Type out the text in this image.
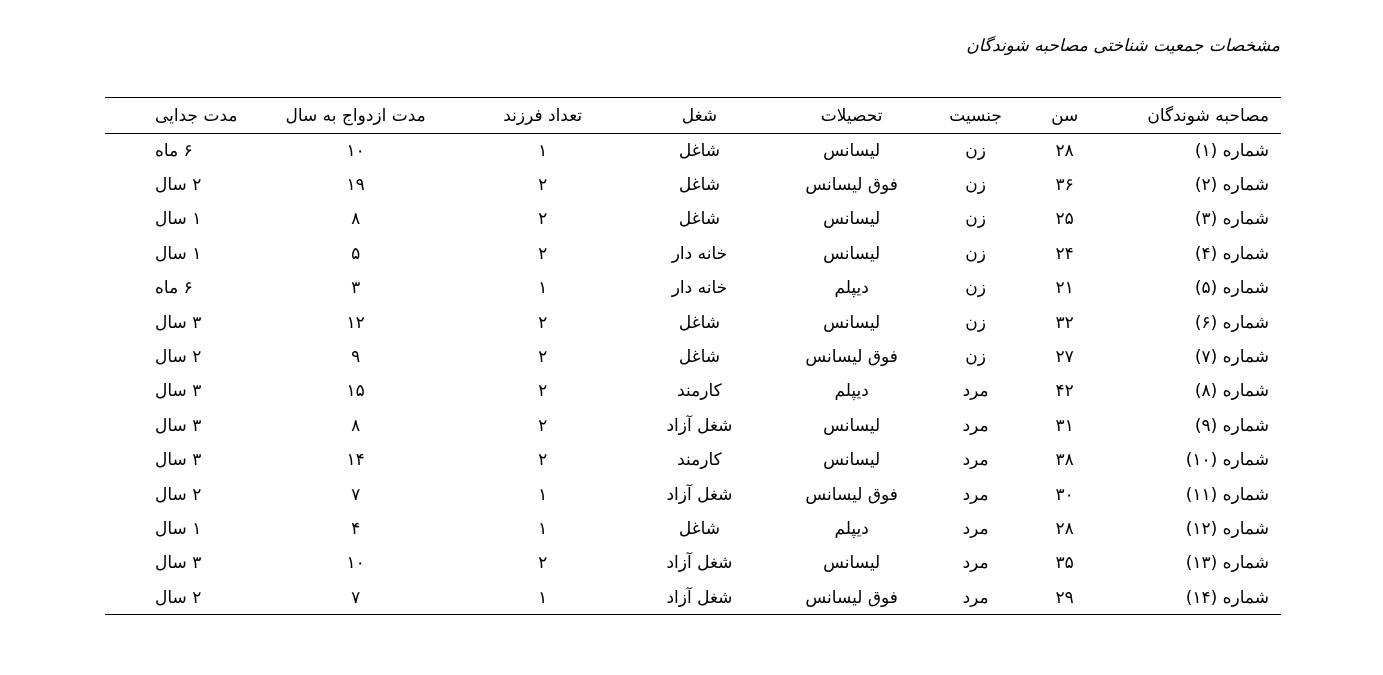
مشخصات جمعیت شناختی مصاحبه شوندگان
مصاحبه شوندگان	سن	جنسیت	تحصیلات	شغل	تعداد فرزند	مدت ازدواج به سال	مدت جدایی
شماره (۱)	۲۸	زن	لیسانس	شاغل	۱	۱۰	۶ ماه
شماره (۲)	۳۶	زن	فوق لیسانس	شاغل	۲	۱۹	۲ سال
شماره (۳)	۲۵	زن	لیسانس	شاغل	۲	۸	۱ سال
شماره (۴)	۲۴	زن	لیسانس	خانه دار	۲	۵	۱ سال
شماره (۵)	۲۱	زن	دیپلم	خانه دار	۱	۳	۶ ماه
شماره (۶)	۳۲	زن	لیسانس	شاغل	۲	۱۲	۳ سال
شماره (۷)	۲۷	زن	فوق لیسانس	شاغل	۲	۹	۲ سال
شماره (۸)	۴۲	مرد	دیپلم	کارمند	۲	۱۵	۳ سال
شماره (۹)	۳۱	مرد	لیسانس	شغل آزاد	۲	۸	۳ سال
شماره (۱۰)	۳۸	مرد	لیسانس	کارمند	۲	۱۴	۳ سال
شماره (۱۱)	۳۰	مرد	فوق لیسانس	شغل آزاد	۱	۷	۲ سال
شماره (۱۲)	۲۸	مرد	دیپلم	شاغل	۱	۴	۱ سال
شماره (۱۳)	۳۵	مرد	لیسانس	شغل آزاد	۲	۱۰	۳ سال
شماره (۱۴)	۲۹	مرد	فوق لیسانس	شغل آزاد	۱	۷	۲ سال
